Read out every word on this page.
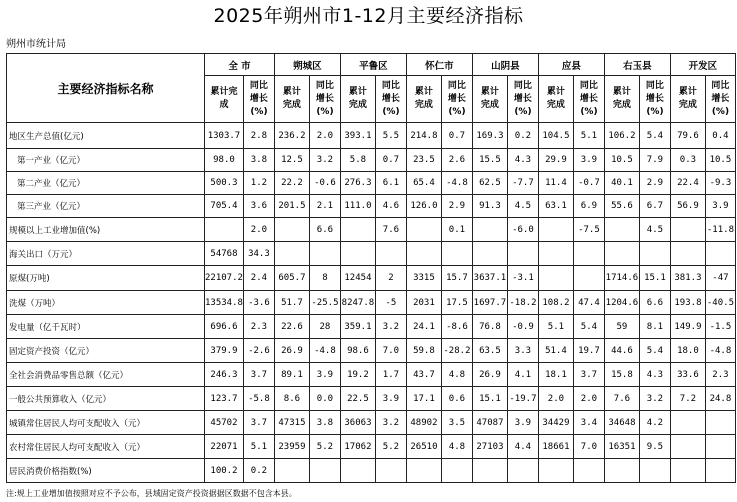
2025年朔州市1-12月主要经济指标
朔州市统计局
主要经济指标名称	全 市		朔城区		平鲁区		怀仁市		山阴县		应县		右玉县		开发区	
	累计完成	同比增长(%)	累计完成	同比增长(%)	累计完成	同比增长(%)	累计完成	同比增长(%)	累计完成	同比增长(%)	累计完成	同比增长(%)	累计完成	同比增长(%)	累计完成	同比增长(%)
地区生产总值(亿元)	1303.7	2.8	236.2	2.0	393.1	5.5	214.8	0.7	169.3	0.2	104.5	5.1	106.2	5.4	79.6	0.4
第一产业（亿元）	98.0	3.8	12.5	3.2	5.8	0.7	23.5	2.6	15.5	4.3	29.9	3.9	10.5	7.9	0.3	10.5
第二产业（亿元）	500.3	1.2	22.2	-0.6	276.3	6.1	65.4	-4.8	62.5	-7.7	11.4	-0.7	40.1	2.9	22.4	-9.3
第三产业（亿元）	705.4	3.6	201.5	2.1	111.0	4.6	126.0	2.9	91.3	4.5	63.1	6.9	55.6	6.7	56.9	3.9
规模以上工业增加值(%)		2.0		6.6		7.6		0.1		-6.0		-7.5		4.5		-11.8
海关出口（万元）	54768	34.3														
原煤(万吨)	22107.2	2.4	605.7	8	12454	2	3315	15.7	3637.1	-3.1			1714.6	15.1	381.3	-47
洗煤（万吨）	13534.8	-3.6	51.7	-25.5	8247.8	-5	2031	17.5	1697.7	-18.2	108.2	47.4	1204.6	6.6	193.8	-40.5
发电量（亿千瓦时）	696.6	2.3	22.6	28	359.1	3.2	24.1	-8.6	76.8	-0.9	5.1	5.4	59	8.1	149.9	-1.5
固定资产投资（亿元）	379.9	-2.6	26.9	-4.8	98.6	7.0	59.8	-28.2	63.5	3.3	51.4	19.7	44.6	5.4	18.0	-4.8
全社会消费品零售总额（亿元）	246.3	3.7	89.1	3.9	19.2	1.7	43.7	4.8	26.9	4.1	18.1	3.7	15.8	4.3	33.6	2.3
一般公共预算收入（亿元）	123.7	-5.8	8.6	0.0	22.5	3.9	17.1	0.6	15.1	-19.7	2.0	2.0	7.6	3.2	7.2	24.8
城镇常住居民人均可支配收入（元）	45702	3.7	47315	3.8	36063	3.2	48902	3.5	47087	3.9	34429	3.4	34648	4.2		
农村常住居民人均可支配收入（元）	22071	5.1	23959	5.2	17062	5.2	26510	4.8	27103	4.4	18661	7.0	16351	9.5		
居民消费价格指数(%)	100.2	0.2														
注:规上工业增加值按照对应不予公布，县域固定资产投资据据区数据不包含本县。
